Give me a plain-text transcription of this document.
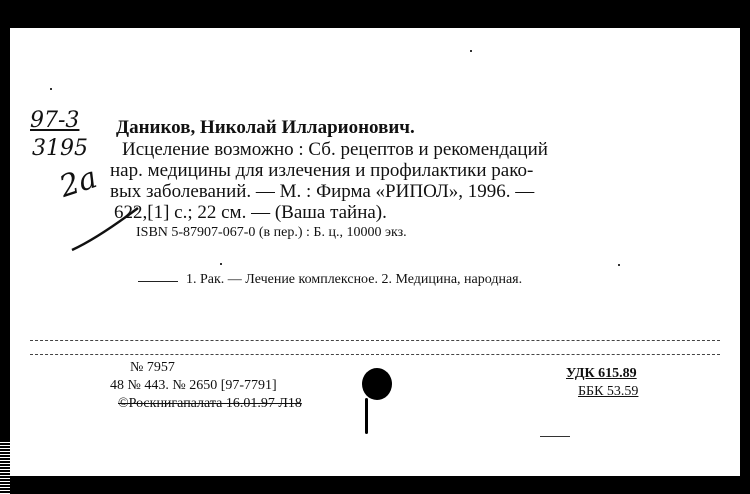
97-3
3195
2a
Даников, Николай Илларионович.
Исцеление возможно : Сб. рецептов и рекомендаций
нар. медицины для излечения и профилактики рако-
вых заболеваний. — М. : Фирма «РИПОЛ», 1996. —
622,[1] с.; 22 см. — (Ваша тайна).
ISBN 5-87907-067-0 (в пер.) : Б. ц., 10000 экз.
1. Рак. — Лечение комплексное. 2. Медицина, народная.
№ 7957
48 № 443. № 2650 [97-7791]
©Роскнигапалата 16.01.97 Л18
УДК 615.89
ББК 53.59
